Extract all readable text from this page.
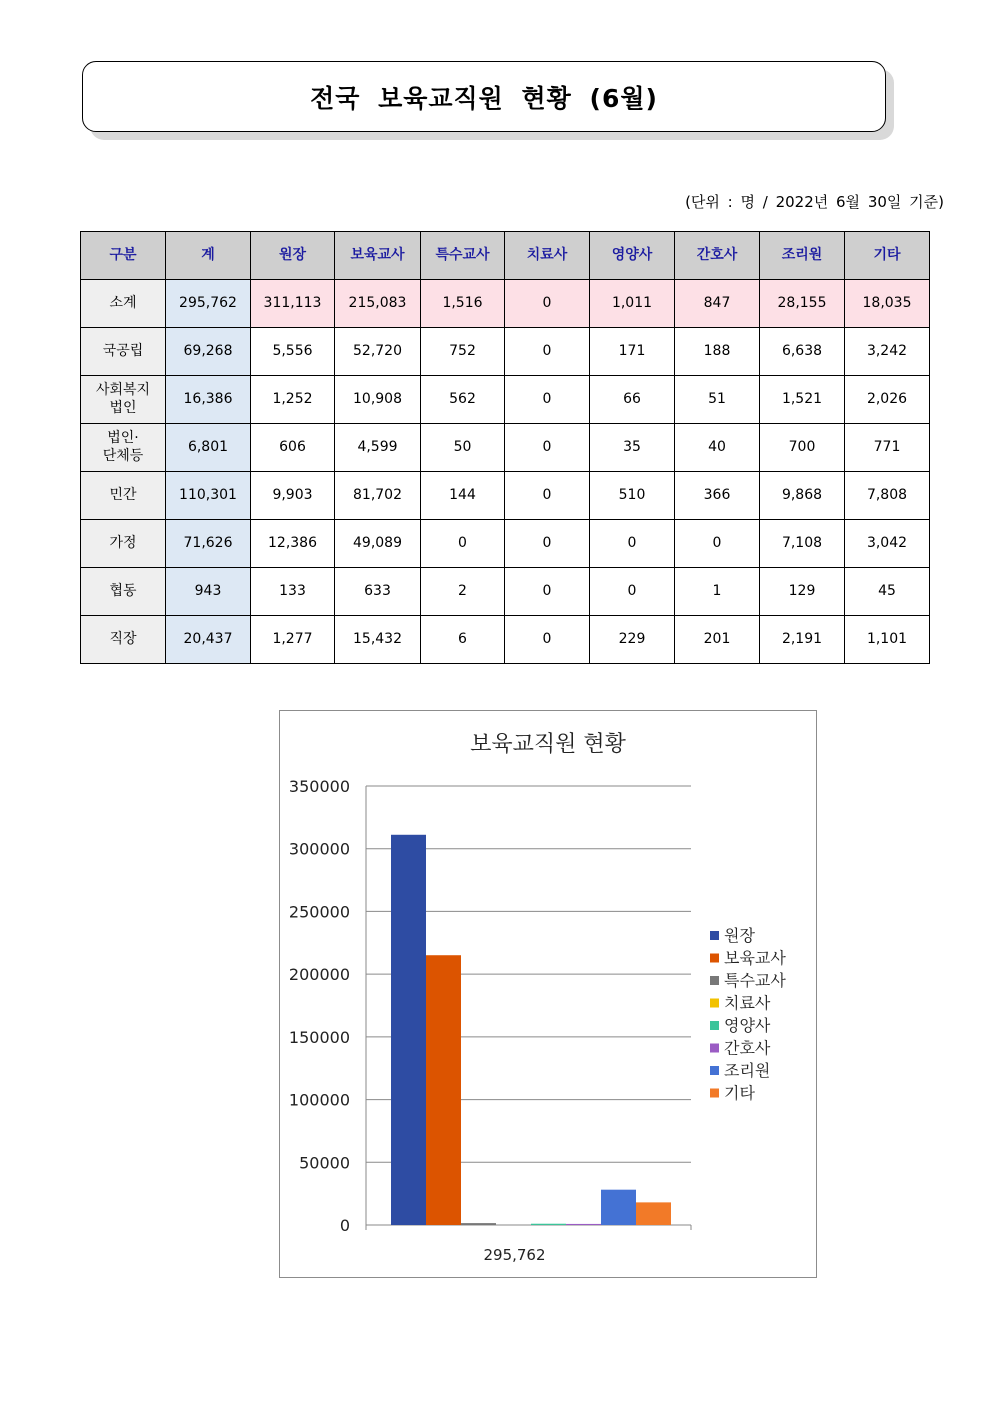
전국 보육교직원 현황 (6월)
(단위 : 명 / 2022년 6월 30일 기준)
구분	계	원장	보육교사	특수교사	치료사	영양사	간호사	조리원	기타
소계	295,762	311,113	215,083	1,516	0	1,011	847	28,155	18,035
국공립	69,268	5,556	52,720	752	0	171	188	6,638	3,242
사회복지
법인	16,386	1,252	10,908	562	0	66	51	1,521	2,026
법인·
단체등	6,801	606	4,599	50	0	35	40	700	771
민간	110,301	9,903	81,702	144	0	510	366	9,868	7,808
가정	71,626	12,386	49,089	0	0	0	0	7,108	3,042
협동	943	133	633	2	0	0	1	129	45
직장	20,437	1,277	15,432	6	0	229	201	2,191	1,101
보육교직원 현황
0
50000
100000
150000
200000
250000
300000
350000
295,762
원장
보육교사
특수교사
치료사
영양사
간호사
조리원
기타
